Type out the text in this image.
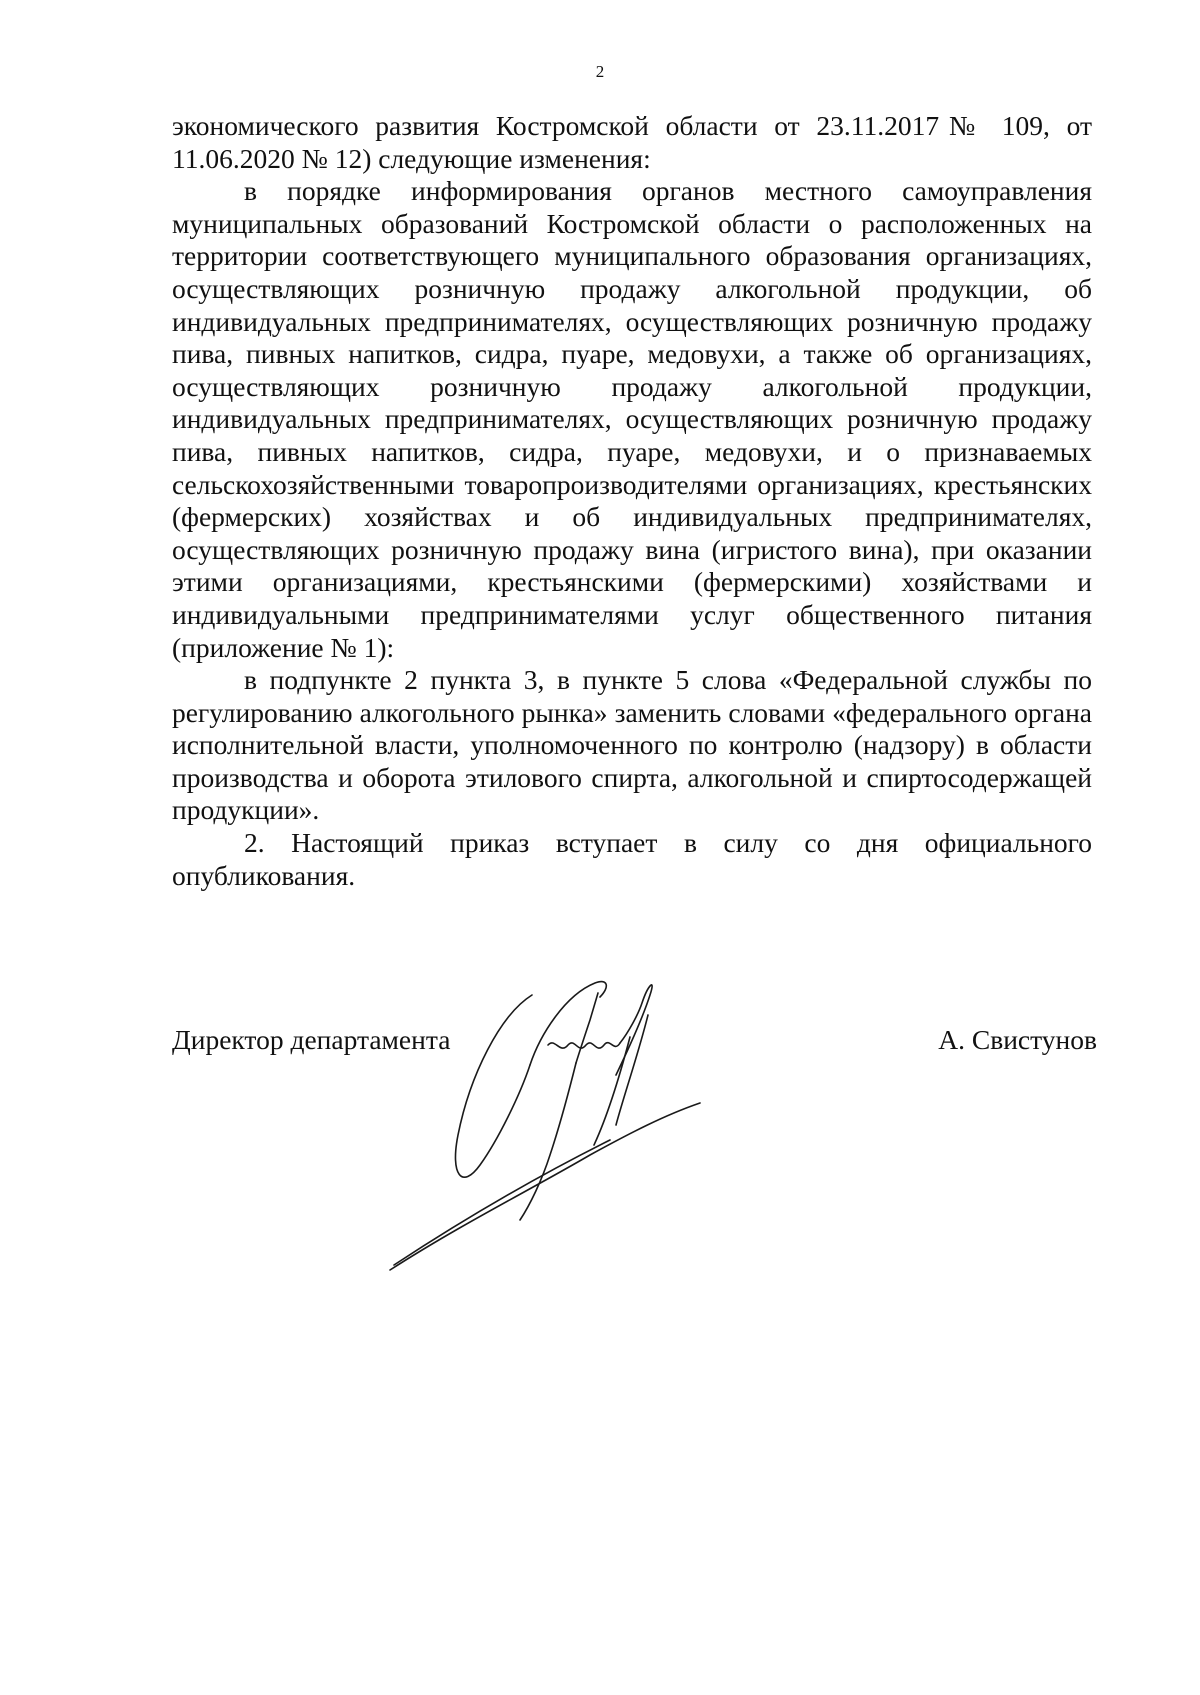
2

экономического развития Костромской области от 23.11.2017№ 109, от 11.06.2020 № 12) следующие изменения:

в порядке информирования органов местного самоуправления муниципальных образований Костромской области о расположенных на территории соответствующего муниципального образования организациях, осуществляющих розничную продажу алкогольной продукции, об индивидуальных предпринимателях, осуществляющих розничную продажу пива, пивных напитков, сидра, пуаре, медовухи, а также об организациях, осуществляющих розничную продажу алкогольной продукции, индивидуальных предпринимателях, осуществляющих розничную продажу пива, пивных напитков, сидра, пуаре, медовухи, и о признаваемых сельскохозяйственными товаропроизводителями организациях, крестьянских (фермерских) хозяйствах и об индивидуальных предпринимателях, осуществляющих розничную продажу вина (игристого вина), при оказании этими организациями, крестьянскими (фермерскими) хозяйствами и индивидуальными предпринимателями услуг общественного питания (приложение № 1):

в подпункте 2 пункта 3, в пункте 5 слова «Федеральной службы по регулированию алкогольного рынка» заменить словами «федерального органа исполнительной власти, уполномоченного по контролю (надзору) в области производства и оборота этилового спирта, алкогольной и спиртосодержащей продукции».

2. Настоящий приказ вступает в силу со дня официального опубликования.

Директор департамента	А. Свистунов
